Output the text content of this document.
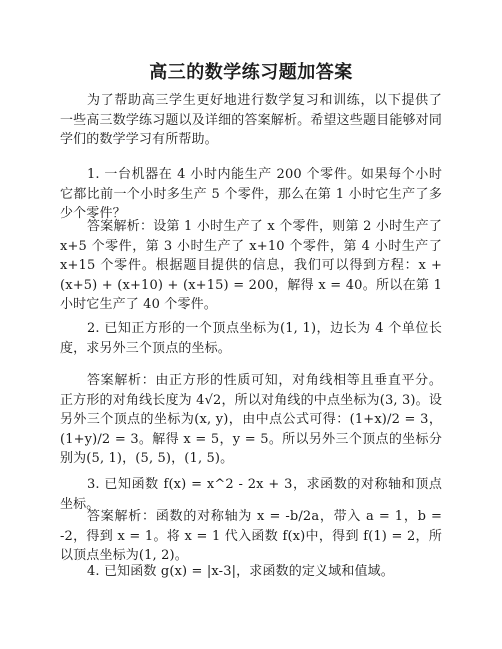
高三的数学练习题加答案

为了帮助高三学生更好地进行数学复习和训练，以下提供了一些高三数学练习题以及详细的答案解析。希望这些题目能够对同学们的数学学习有所帮助。

1. 一台机器在 4 小时内能生产 200 个零件。如果每个小时它都比前一个小时多生产 5 个零件，那么在第 1 小时它生产了多少个零件？

答案解析：设第 1 小时生产了 x 个零件，则第 2 小时生产了 x+5 个零件，第 3 小时生产了 x+10 个零件，第 4 小时生产了 x+15 个零件。根据题目提供的信息，我们可以得到方程：x + (x+5) + (x+10) + (x+15) = 200，解得 x = 40。所以在第 1 小时它生产了 40 个零件。

2. 已知正方形的一个顶点坐标为(1, 1)，边长为 4 个单位长度，求另外三个顶点的坐标。

答案解析：由正方形的性质可知，对角线相等且垂直平分。正方形的对角线长度为 4√2，所以对角线的中点坐标为(3, 3)。设另外三个顶点的坐标为(x, y)，由中点公式可得：(1+x)/2 = 3，(1+y)/2 = 3。解得 x = 5，y = 5。所以另外三个顶点的坐标分别为(5, 1)，(5, 5)，(1, 5)。

3. 已知函数 f(x) = x^2 - 2x + 3，求函数的对称轴和顶点坐标。

答案解析：函数的对称轴为 x = -b/2a，带入 a = 1，b = -2，得到 x = 1。将 x = 1 代入函数 f(x)中，得到 f(1) = 2，所以顶点坐标为(1, 2)。

4. 已知函数 g(x) = |x-3|，求函数的定义域和值域。
